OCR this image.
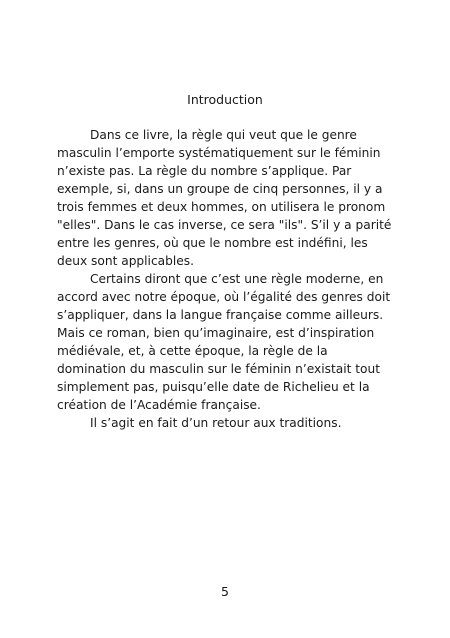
Introduction
Dans ce livre, la règle qui veut que le genre
masculin l’emporte systématiquement sur le féminin
n’existe pas. La règle du nombre s’applique. Par
exemple, si, dans un groupe de cinq personnes, il y a
trois femmes et deux hommes, on utilisera le pronom
"elles". Dans le cas inverse, ce sera "ils". S’il y a parité
entre les genres, où que le nombre est indéfini, les
deux sont applicables.
Certains diront que c’est une règle moderne, en
accord avec notre époque, où l’égalité des genres doit
s’appliquer, dans la langue française comme ailleurs.
Mais ce roman, bien qu’imaginaire, est d’inspiration
médiévale, et, à cette époque, la règle de la
domination du masculin sur le féminin n’existait tout
simplement pas, puisqu’elle date de Richelieu et la
création de l’Académie française.
Il s’agit en fait d’un retour aux traditions.
5
